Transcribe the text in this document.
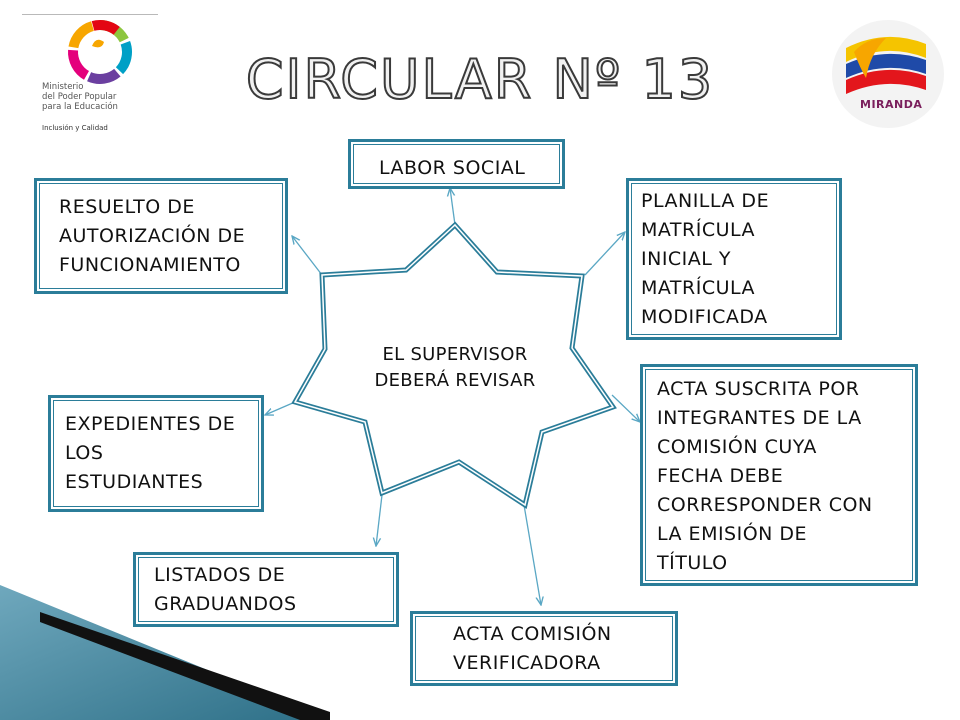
CIRCULAR Nº 13
EL SUPERVISOR
DEBERÁ REVISAR
LABOR SOCIAL
RESUELTO DE
AUTORIZACIÓN DE
FUNCIONAMIENTO
PLANILLA DE
MATRÍCULA
INICIAL Y
MATRÍCULA
MODIFICADA
EXPEDIENTES DE
LOS
ESTUDIANTES
ACTA SUSCRITA POR
INTEGRANTES DE LA
COMISIÓN CUYA
FECHA DEBE
CORRESPONDER CON
LA EMISIÓN DE
TÍTULO
LISTADOS DE
GRADUANDOS
ACTA COMISIÓN
VERIFICADORA
Ministerio
del Poder Popular
para la Educación
Inclusión y Calidad
MIRANDA
